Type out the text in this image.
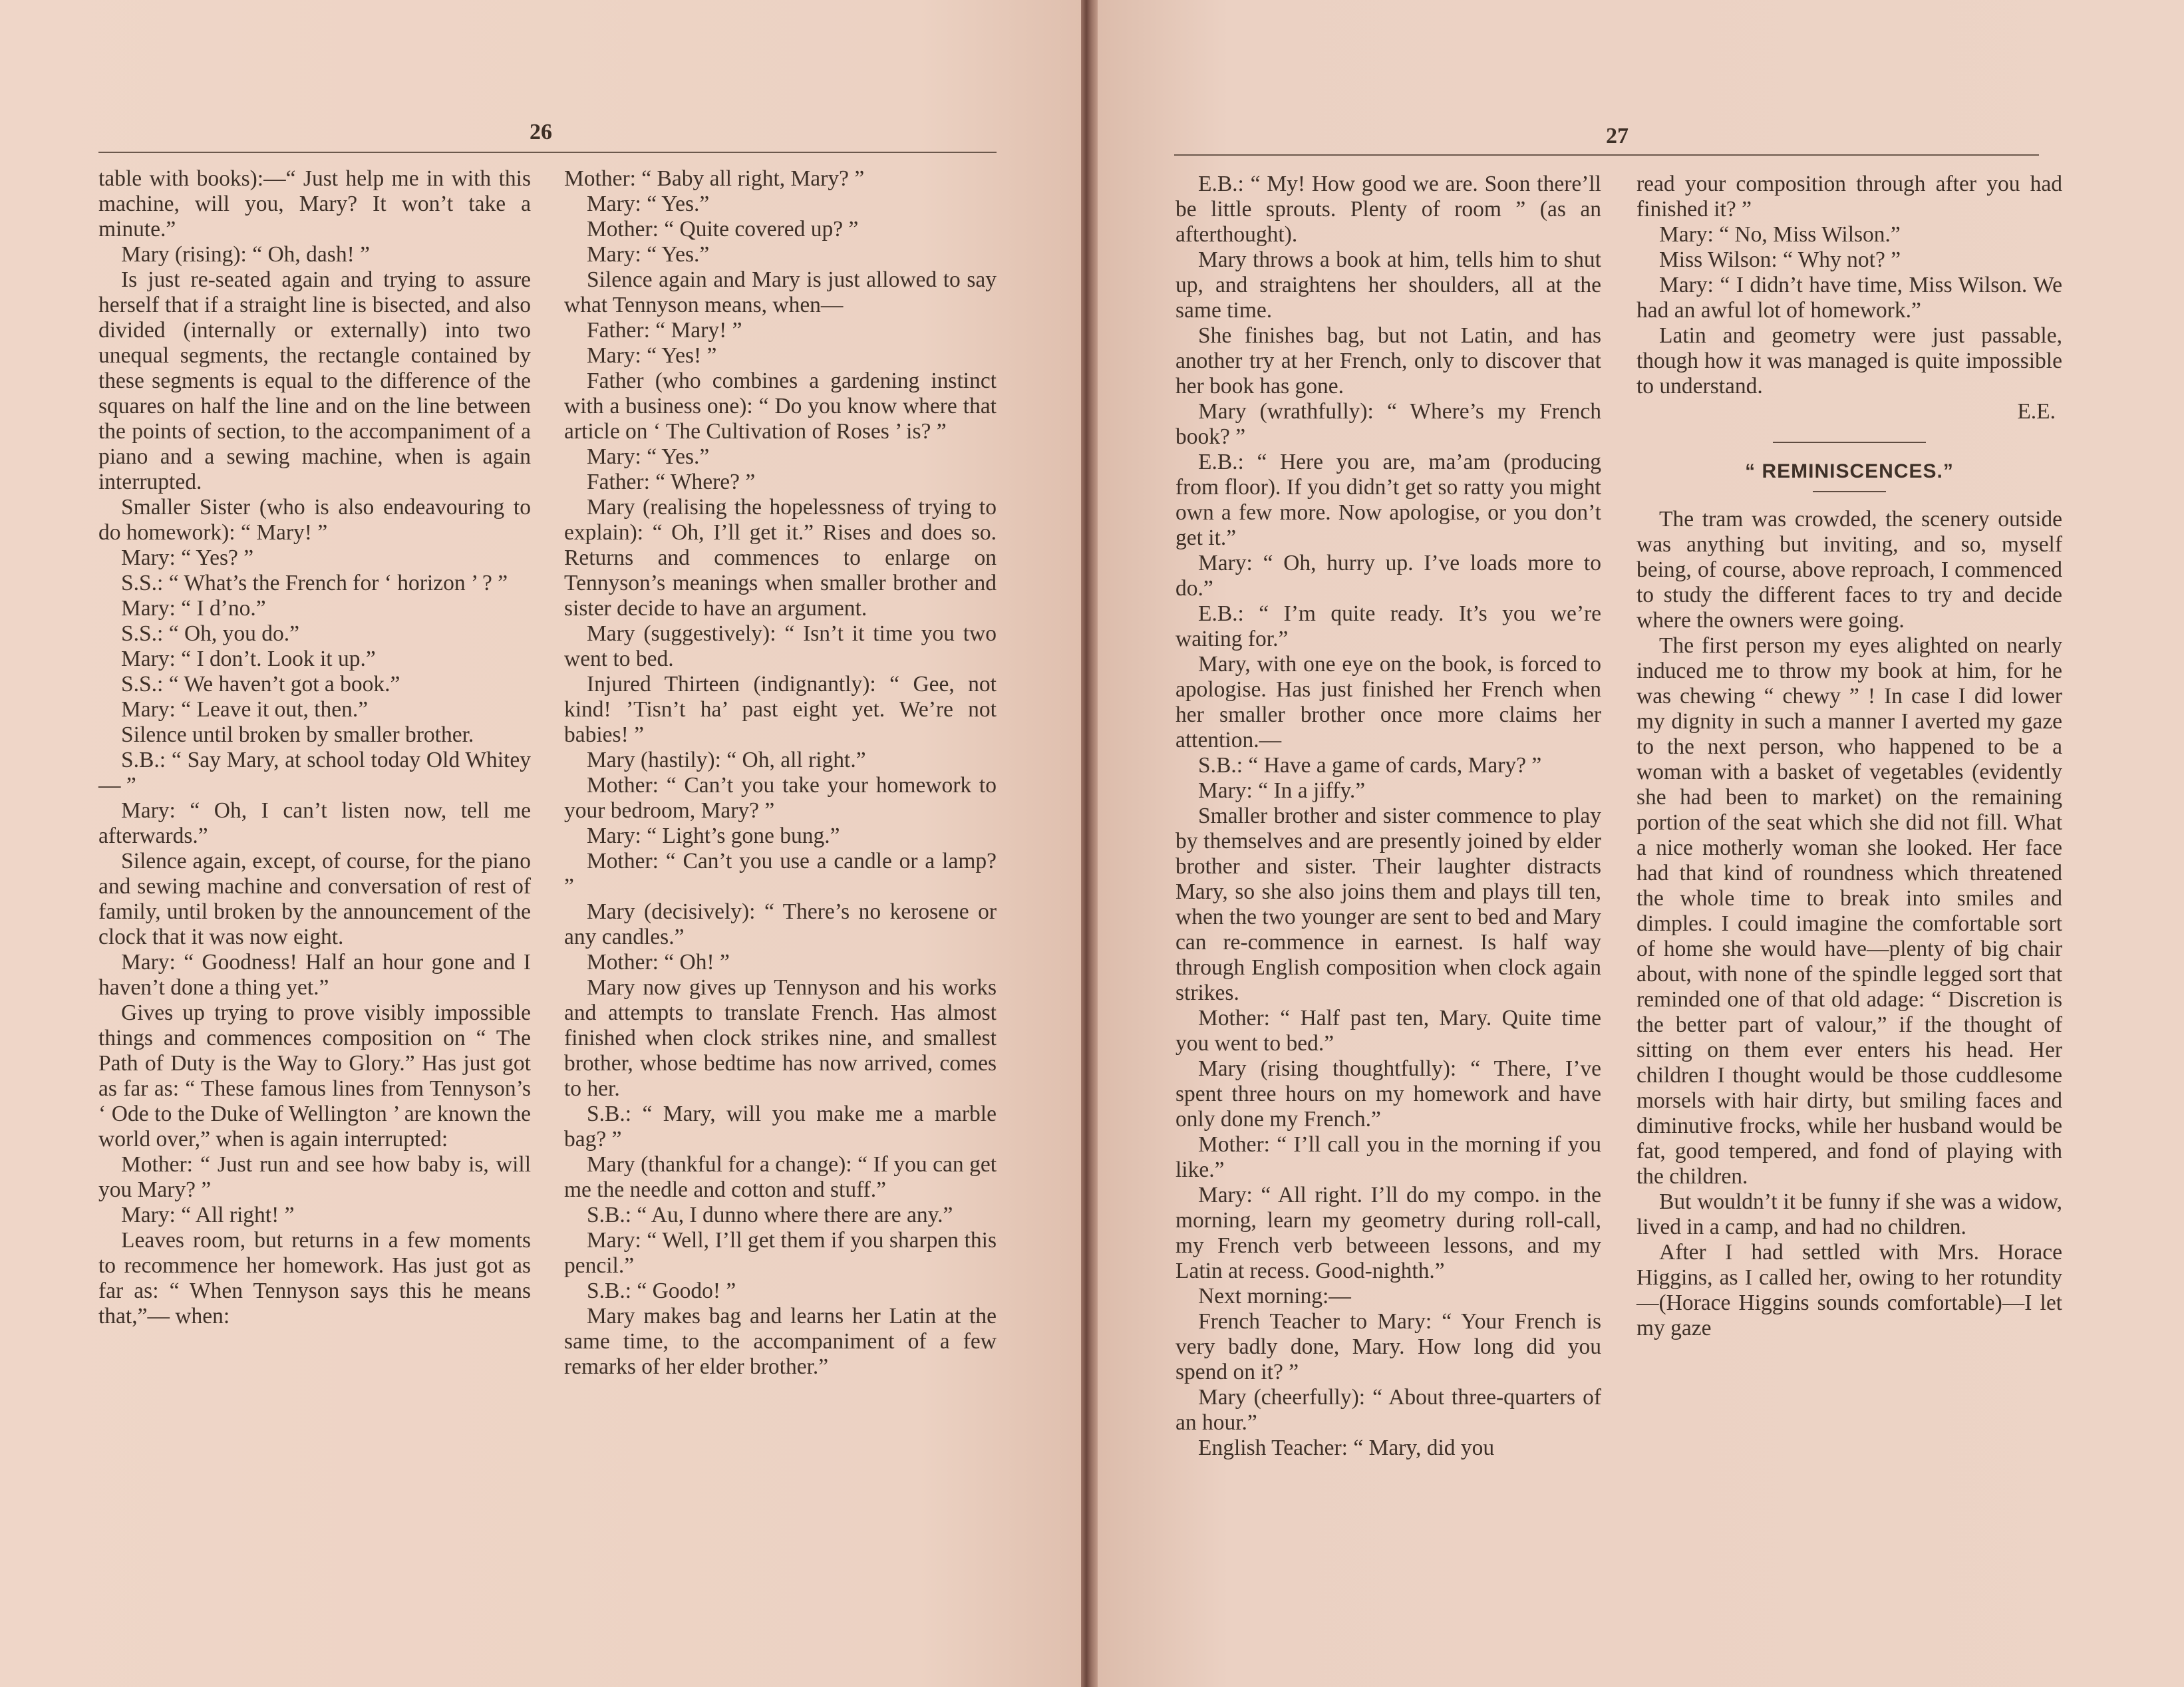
26

table with books):—“ Just help me in with this machine, will you, Mary? It won’t take a minute.”

Mary (rising): “ Oh, dash! ”

Is just re-seated again and trying to assure herself that if a straight line is bisected, and also divided (internally or externally) into two unequal segments, the rectangle contained by these segments is equal to the difference of the squares on half the line and on the line between the points of section, to the accompaniment of a piano and a sewing machine, when is again interrupted.

Smaller Sister (who is also endeavouring to do homework): “ Mary! ”

Mary: “ Yes? ”

S.S.: “ What’s the French for ‘ horizon ’ ? ”

Mary: “ I d’no.”

S.S.: “ Oh, you do.”

Mary: “ I don’t. Look it up.”

S.S.: “ We haven’t got a book.”

Mary: “ Leave it out, then.”

Silence until broken by smaller brother.

S.B.: “ Say Mary, at school today Old Whitey— ”

Mary: “ Oh, I can’t listen now, tell me afterwards.”

Silence again, except, of course, for the piano and sewing machine and conversation of rest of family, until broken by the announcement of the clock that it was now eight.

Mary: “ Goodness! Half an hour gone and I haven’t done a thing yet.”

Gives up trying to prove visibly impossible things and commences composition on “ The Path of Duty is the Way to Glory.” Has just got as far as: “ These famous lines from Tennyson’s ‘ Ode to the Duke of Wellington ’ are known the world over,” when is again interrupted:

Mother: “ Just run and see how baby is, will you Mary? ”

Mary: “ All right! ”

Leaves room, but returns in a few moments to recommence her homework. Has just got as far as: “ When Tennyson says this he means that,”— when:

Mother: “ Baby all right, Mary? ”

Mary: “ Yes.”

Mother: “ Quite covered up? ”

Mary: “ Yes.”

Silence again and Mary is just allowed to say what Tennyson means, when—

Father: “ Mary! ”

Mary: “ Yes! ”

Father (who combines a gardening instinct with a business one): “ Do you know where that article on ‘ The Cultivation of Roses ’ is? ”

Mary: “ Yes.”

Father: “ Where? ”

Mary (realising the hopelessness of trying to explain): “ Oh, I’ll get it.” Rises and does so. Returns and commences to enlarge on Tennyson’s meanings when smaller brother and sister decide to have an argument.

Mary (suggestively): “ Isn’t it time you two went to bed.

Injured Thirteen (indignantly): “ Gee, not kind! ’Tisn’t ha’ past eight yet. We’re not babies! ”

Mary (hastily): “ Oh, all right.”

Mother: “ Can’t you take your homework to your bedroom, Mary? ”

Mary: “ Light’s gone bung.”

Mother: “ Can’t you use a candle or a lamp? ”

Mary (decisively): “ There’s no kerosene or any candles.”

Mother: “ Oh! ”

Mary now gives up Tennyson and his works and attempts to translate French. Has almost finished when clock strikes nine, and smallest brother, whose bedtime has now arrived, comes to her.

S.B.: “ Mary, will you make me a marble bag? ”

Mary (thankful for a change): “ If you can get me the needle and cotton and stuff.”

S.B.: “ Au, I dunno where there are any.”

Mary: “ Well, I’ll get them if you sharpen this pencil.”

S.B.: “ Goodo! ”

Mary makes bag and learns her Latin at the same time, to the accompaniment of a few remarks of her elder brother.”

27

E.B.: “ My! How good we are. Soon there’ll be little sprouts. Plenty of room ” (as an afterthought).

Mary throws a book at him, tells him to shut up, and straightens her shoulders, all at the same time.

She finishes bag, but not Latin, and has another try at her French, only to discover that her book has gone.

Mary (wrathfully): “ Where’s my French book? ”

E.B.: “ Here you are, ma’am (producing from floor). If you didn’t get so ratty you might own a few more. Now apologise, or you don’t get it.”

Mary: “ Oh, hurry up. I’ve loads more to do.”

E.B.: “ I’m quite ready. It’s you we’re waiting for.”

Mary, with one eye on the book, is forced to apologise. Has just finished her French when her smaller brother once more claims her attention.—

S.B.: “ Have a game of cards, Mary? ”

Mary: “ In a jiffy.”

Smaller brother and sister commence to play by themselves and are presently joined by elder brother and sister. Their laughter distracts Mary, so she also joins them and plays till ten, when the two younger are sent to bed and Mary can re-commence in earnest. Is half way through English composition when clock again strikes.

Mother: “ Half past ten, Mary. Quite time you went to bed.”

Mary (rising thoughtfully): “ There, I’ve spent three hours on my homework and have only done my French.”

Mother: “ I’ll call you in the morning if you like.”

Mary: “ All right. I’ll do my compo. in the morning, learn my geometry during roll-call, my French verb betweeen lessons, and my Latin at recess. Good-nighth.”

Next morning:—

French Teacher to Mary: “ Your French is very badly done, Mary. How long did you spend on it? ”

Mary (cheerfully): “ About three-quarters of an hour.”

English Teacher: “ Mary, did you

read your composition through after you had finished it? ”

Mary: “ No, Miss Wilson.”

Miss Wilson: “ Why not? ”

Mary: “ I didn’t have time, Miss Wilson. We had an awful lot of homework.”

Latin and geometry were just passable, though how it was managed is quite impossible to understand.

E.E.

“ REMINISCENCES.”

The tram was crowded, the scenery outside was anything but inviting, and so, myself being, of course, above reproach, I commenced to study the different faces to try and decide where the owners were going.

The first person my eyes alighted on nearly induced me to throw my book at him, for he was chewing “ chewy ” ! In case I did lower my dignity in such a manner I averted my gaze to the next person, who happened to be a woman with a basket of vegetables (evidently she had been to market) on the remaining portion of the seat which she did not fill. What a nice motherly woman she looked. Her face had that kind of roundness which threatened the whole time to break into smiles and dimples. I could imagine the comfortable sort of home she would have—plenty of big chair about, with none of the spindle legged sort that reminded one of that old adage: “ Discretion is the better part of valour,” if the thought of sitting on them ever enters his head. Her children I thought would be those cuddlesome morsels with hair dirty, but smiling faces and diminutive frocks, while her husband would be fat, good tempered, and fond of playing with the children.

But wouldn’t it be funny if she was a widow, lived in a camp, and had no children.

After I had settled with Mrs. Horace Higgins, as I called her, owing to her rotundity—(Horace Higgins sounds comfortable)—I let my gaze
